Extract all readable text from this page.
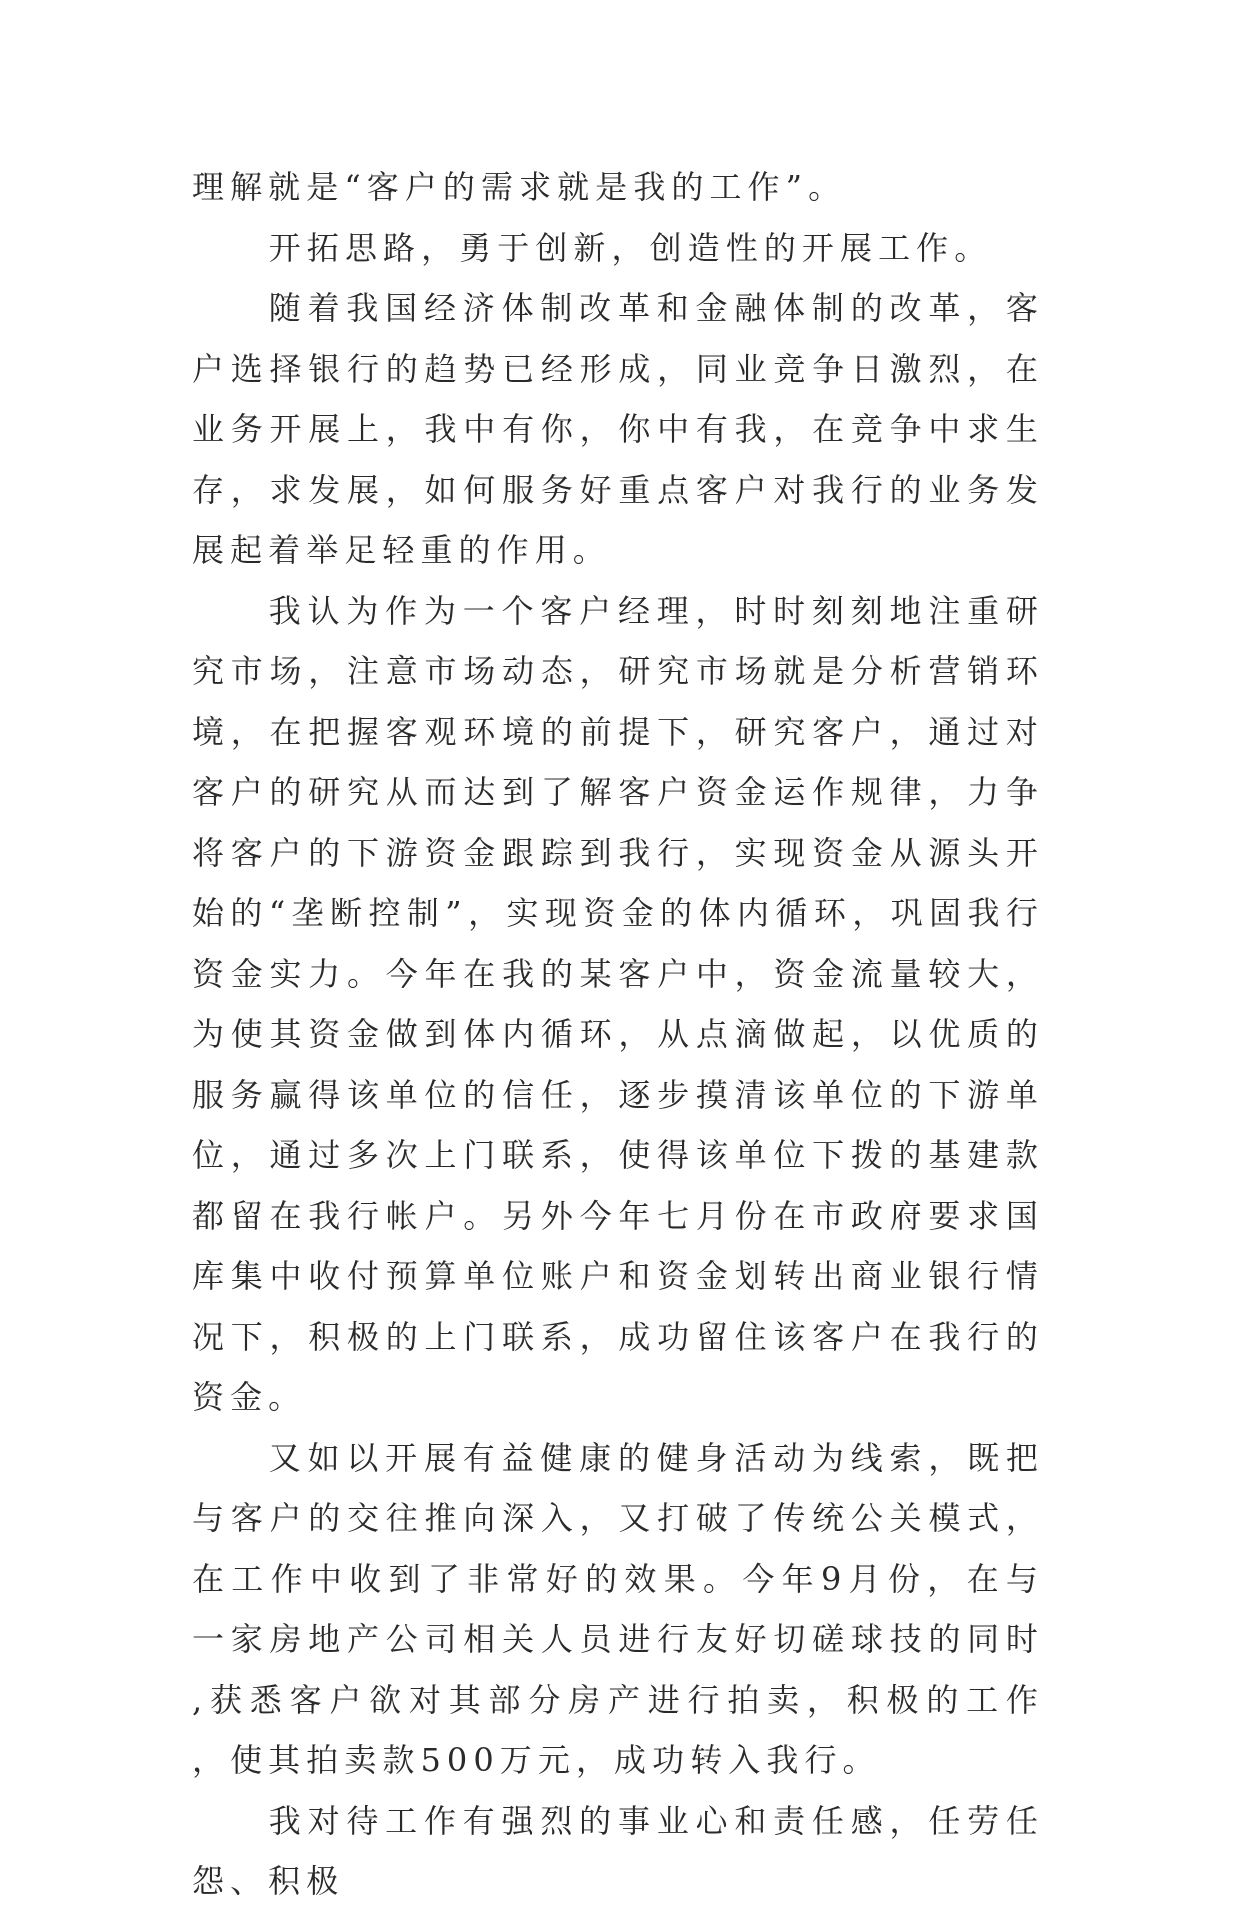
理解就是“客户的需求就是我的工作”。

开拓思路，勇于创新，创造性的开展工作。

随着我国经济体制改革和金融体制的改革，客户选择银行的趋势已经形成，同业竞争日激烈，在业务开展上，我中有你，你中有我，在竞争中求生存，求发展，如何服务好重点客户对我行的业务发展起着举足轻重的作用。

我认为作为一个客户经理，时时刻刻地注重研究市场，注意市场动态，研究市场就是分析营销环境，在把握客观环境的前提下，研究客户，通过对客户的研究从而达到了解客户资金运作规律，力争将客户的下游资金跟踪到我行，实现资金从源头开始的“垄断控制”，实现资金的体内循环，巩固我行资金实力。今年在我的某客户中，资金流量较大，为使其资金做到体内循环，从点滴做起，以优质的服务赢得该单位的信任，逐步摸清该单位的下游单位，通过多次上门联系，使得该单位下拨的基建款都留在我行帐户。另外今年七月份在市政府要求国库集中收付预算单位账户和资金划转出商业银行情况下，积极的上门联系，成功留住该客户在我行的资金。

又如以开展有益健康的健身活动为线索，既把与客户的交往推向深入，又打破了传统公关模式，在工作中收到了非常好的效果。今年9月份，在与一家房地产公司相关人员进行友好切磋球技的同时,获悉客户欲对其部分房产进行拍卖，积极的工作，使其拍卖款500万元，成功转入我行。

我对待工作有强烈的事业心和责任感，任劳任怨、积极
